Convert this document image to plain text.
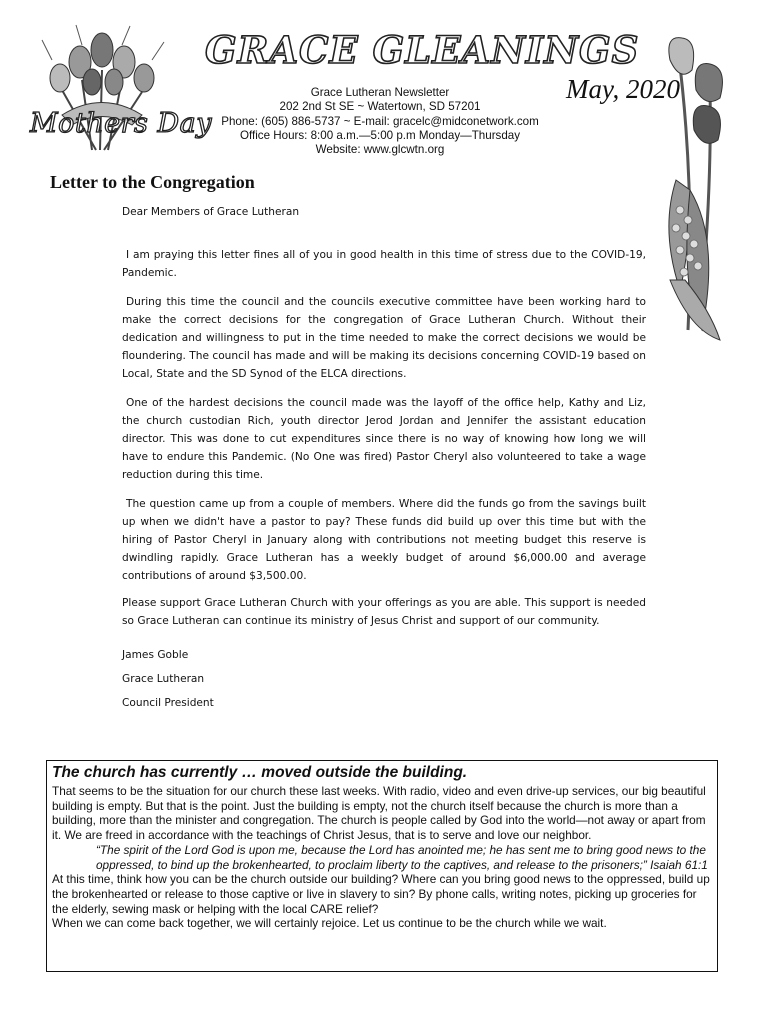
Mothers Day
GRACE GLEANINGS
May, 2020
Grace Lutheran Newsletter
202 2nd St SE ~ Watertown, SD 57201
Phone: (605) 886-5737 ~ E-mail: gracelc@midconetwork.com
Office Hours: 8:00 a.m.—5:00 p.m Monday—Thursday
Website: www.glcwtn.org
Letter to the Congregation

Dear Members of Grace Lutheran

I am praying this letter fines all of you in good health in this time of stress due to the COVID-19, Pandemic.

During this time the council and the councils executive committee have been working hard to make the correct decisions for the congregation of Grace Lutheran Church. Without their dedication and willingness to put in the time needed to make the correct decisions we would be floundering. The council has made and will be making its decisions concerning COVID-19 based on Local, State and the SD Synod of the ELCA directions.

One of the hardest decisions the council made was the layoff of the office help, Kathy and Liz, the church custodian Rich, youth director Jerod Jordan and Jennifer the assistant education director. This was done to cut expenditures since there is no way of knowing how long we will have to endure this Pandemic. (No One was fired) Pastor Cheryl also volunteered to take a wage reduction during this time.

The question came up from a couple of members. Where did the funds go from the savings built up when we didn't have a pastor to pay? These funds did build up over this time but with the hiring of Pastor Cheryl in January along with contributions not meeting budget this reserve is dwindling rapidly. Grace Lutheran has a weekly budget of around $6,000.00 and average contributions of around $3,500.00.

Please support Grace Lutheran Church with your offerings as you are able. This support is needed so Grace Lutheran can continue its ministry of Jesus Christ and support of our community.

James Goble

Grace Lutheran

Council President

The church has currently … moved outside the building.

That seems to be the situation for our church these last weeks. With radio, video and even drive-up services, our big beautiful building is empty. But that is the point. Just the building is empty, not the church itself because the church is more than a building, more than the minister and congregation. The church is people called by God into the world—not away or apart from it. We are freed in accordance with the teachings of Christ Jesus, that is to serve and love our neighbor.

“The spirit of the Lord God is upon me, because the Lord has anointed me; he has sent me to bring good news to the oppressed, to bind up the brokenhearted, to proclaim liberty to the captives, and release to the prisoners;” Isaiah 61:1

At this time, think how you can be the church outside our building? Where can you bring good news to the oppressed, build up the brokenhearted or release to those captive or live in slavery to sin? By phone calls, writing notes, picking up groceries for the elderly, sewing mask or helping with the local CARE relief?

When we can come back together, we will certainly rejoice. Let us continue to be the church while we wait.
